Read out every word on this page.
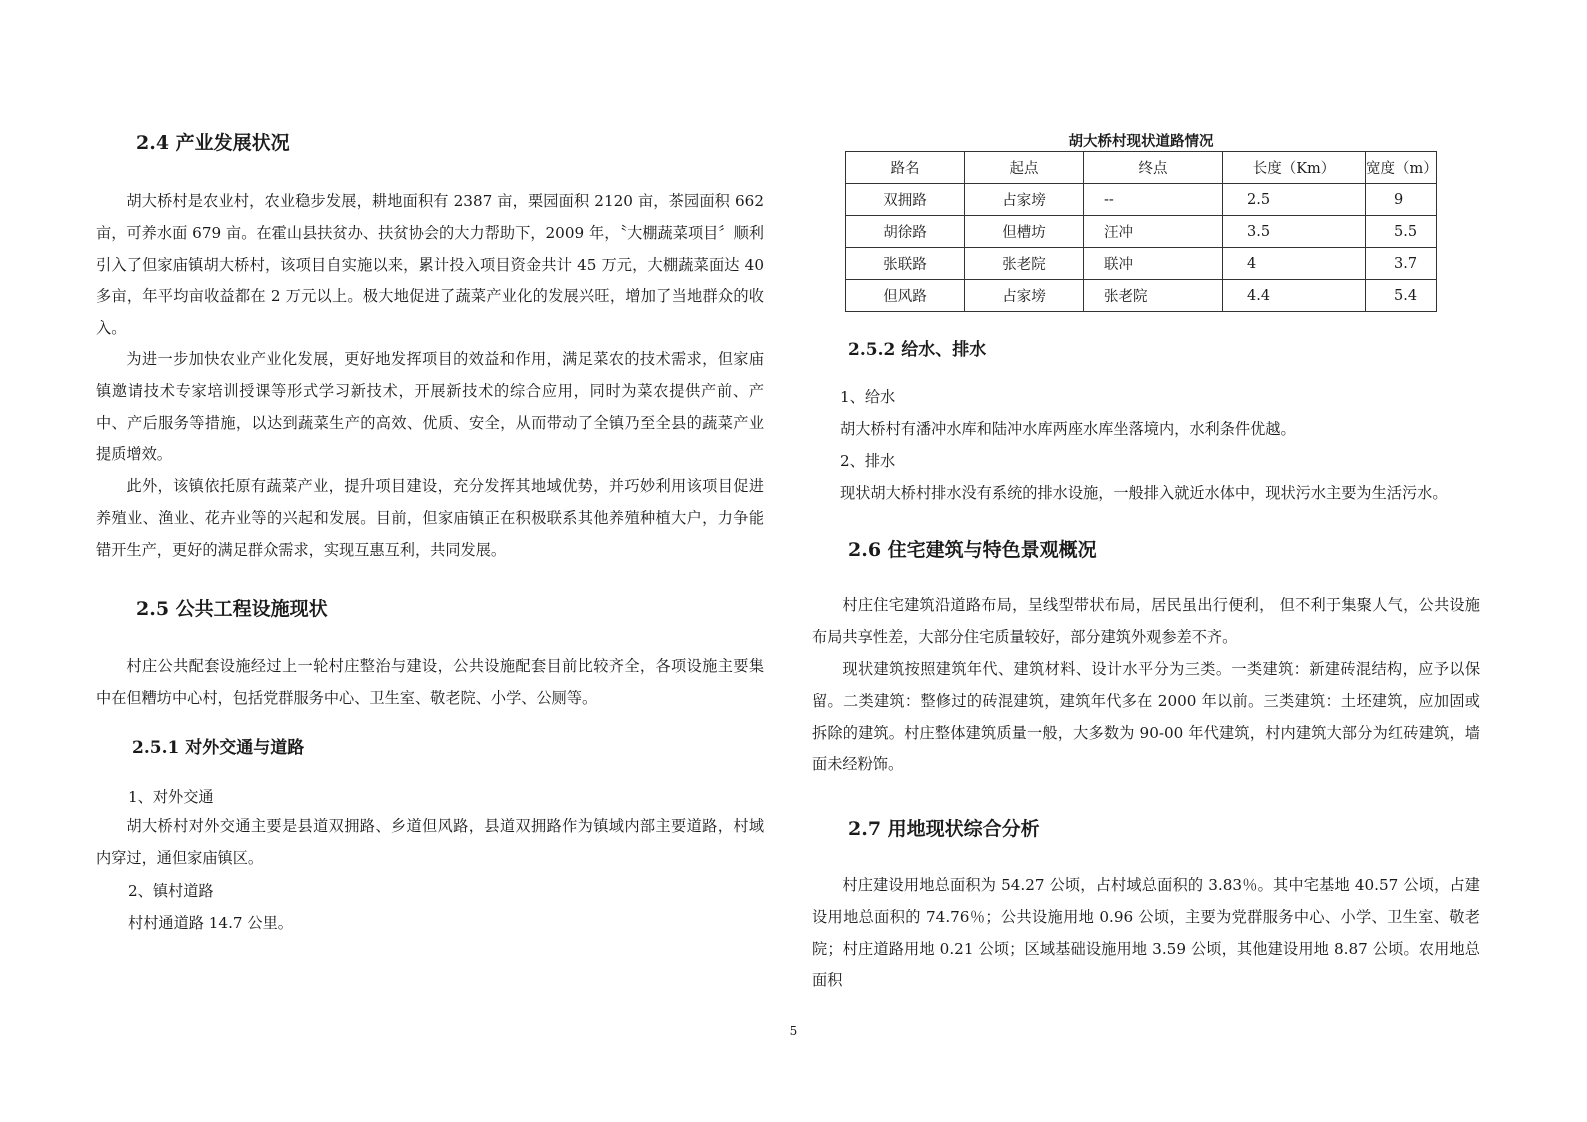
2.4 产业发展状况

胡大桥村是农业村，农业稳步发展，耕地面积有 2387 亩，栗园面积 2120 亩，茶园面积 662 亩，可养水面 679 亩。在霍山县扶贫办、扶贫协会的大力帮助下，2009 年，〝大棚蔬菜项目〞顺利引入了但家庙镇胡大桥村，该项目自实施以来，累计投入项目资金共计 45 万元，大棚蔬菜面达 40 多亩，年平均亩收益都在 2 万元以上。极大地促进了蔬菜产业化的发展兴旺，增加了当地群众的收入。

为进一步加快农业产业化发展，更好地发挥项目的效益和作用，满足菜农的技术需求，但家庙镇邀请技术专家培训授课等形式学习新技术，开展新技术的综合应用，同时为菜农提供产前、产中、产后服务等措施，以达到蔬菜生产的高效、优质、安全，从而带动了全镇乃至全县的蔬菜产业提质增效。

此外，该镇依托原有蔬菜产业，提升项目建设，充分发挥其地域优势，并巧妙利用该项目促进养殖业、渔业、花卉业等的兴起和发展。目前，但家庙镇正在积极联系其他养殖种植大户，力争能错开生产，更好的满足群众需求，实现互惠互利，共同发展。

2.5 公共工程设施现状

村庄公共配套设施经过上一轮村庄整治与建设，公共设施配套目前比较齐全，各项设施主要集中在但糟坊中心村，包括党群服务中心、卫生室、敬老院、小学、公厕等。

2.5.1 对外交通与道路
1、对外交通

胡大桥村对外交通主要是县道双拥路、乡道但风路，县道双拥路作为镇域内部主要道路，村域内穿过，通但家庙镇区。

2、镇村道路
村村通道路 14.7 公里。
胡大桥村现状道路情况
路名	起点	终点	长度（Km）	宽度（m）
双拥路	占家塝	--	2.5	9
胡徐路	但槽坊	汪冲	3.5	5.5
张联路	张老院	联冲	4	3.7
但风路	占家塝	张老院	4.4	5.4
2.5.2 给水、排水
1、给水
胡大桥村有潘冲水库和陆冲水库两座水库坐落境内，水利条件优越。
2、排水
现状胡大桥村排水没有系统的排水设施，一般排入就近水体中，现状污水主要为生活污水。
2.6 住宅建筑与特色景观概况

村庄住宅建筑沿道路布局，呈线型带状布局，居民虽出行便利， 但不利于集聚人气，公共设施布局共享性差，大部分住宅质量较好，部分建筑外观参差不齐。

现状建筑按照建筑年代、建筑材料、设计水平分为三类。一类建筑：新建砖混结构，应予以保留。二类建筑：整修过的砖混建筑，建筑年代多在 2000 年以前。三类建筑：土坯建筑，应加固或拆除的建筑。村庄整体建筑质量一般，大多数为 90-00 年代建筑，村内建筑大部分为红砖建筑，墙面未经粉饰。

2.7 用地现状综合分析

村庄建设用地总面积为 54.27 公顷，占村域总面积的 3.83％。其中宅基地 40.57 公顷，占建设用地总面积的 74.76％；公共设施用地 0.96 公顷，主要为党群服务中心、小学、卫生室、敬老院；村庄道路用地 0.21 公顷；区域基础设施用地 3.59 公顷，其他建设用地 8.87 公顷。农用地总面积

5
